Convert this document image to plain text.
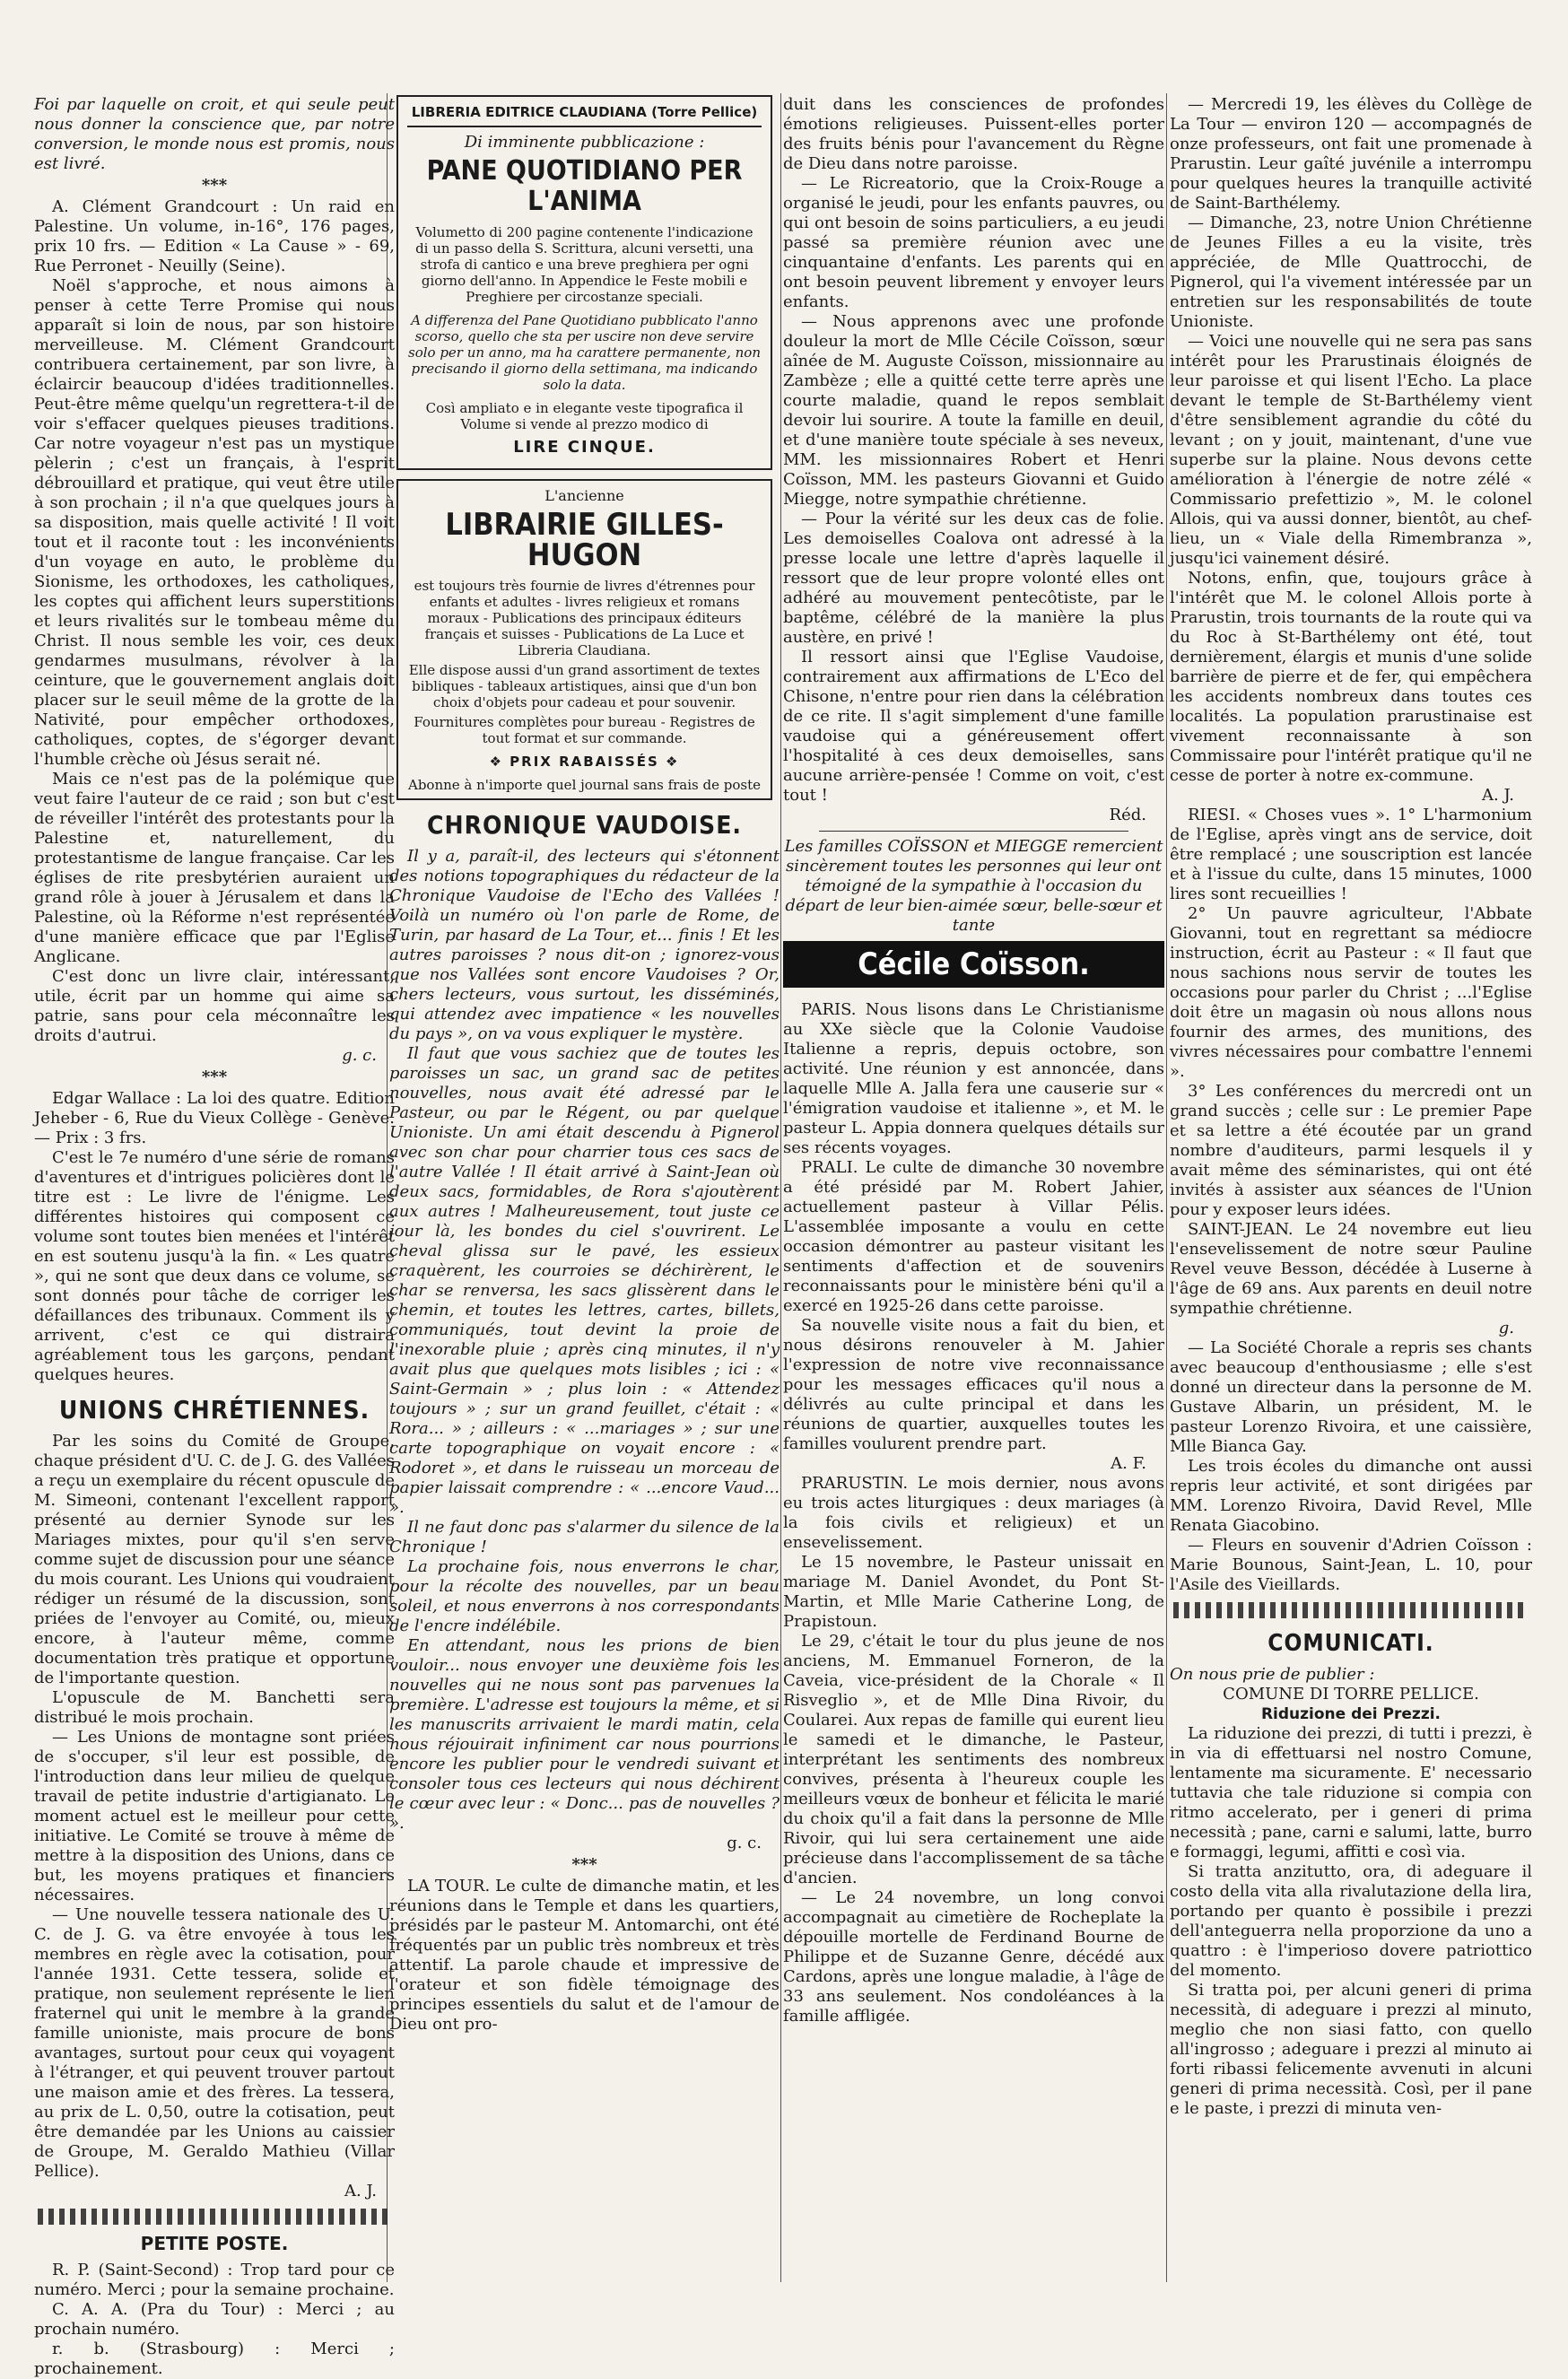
Foi par laquelle on croit, et qui seule peut nous donner la conscience que, par notre conversion, le monde nous est promis, nous est livré.

***

A. Clément Grandcourt : Un raid en Palestine. Un volume, in-16°, 176 pages, prix 10 frs. — Edition « La Cause » - 69, Rue Perronet - Neuilly (Seine).

Noël s'approche, et nous aimons à penser à cette Terre Promise qui nous apparaît si loin de nous, par son histoire merveilleuse. M. Clément Grandcourt contribuera certainement, par son livre, à éclaircir beaucoup d'idées traditionnelles. Peut-être même quelqu'un regrettera-t-il de voir s'effacer quelques pieuses traditions. Car notre voyageur n'est pas un mystique pèlerin ; c'est un français, à l'esprit débrouillard et pratique, qui veut être utile à son prochain ; il n'a que quelques jours à sa disposition, mais quelle activité ! Il voit tout et il raconte tout : les inconvénients d'un voyage en auto, le problème du Sionisme, les orthodoxes, les catholiques, les coptes qui affichent leurs superstitions et leurs rivalités sur le tombeau même du Christ. Il nous semble les voir, ces deux gendarmes musulmans, révolver à la ceinture, que le gouvernement anglais doit placer sur le seuil même de la grotte de la Nativité, pour empêcher orthodoxes, catholiques, coptes, de s'égorger devant l'humble crèche où Jésus serait né.

Mais ce n'est pas de la polémique que veut faire l'auteur de ce raid ; son but c'est de réveiller l'intérêt des protestants pour la Palestine et, naturellement, du protestantisme de langue française. Car les églises de rite presbytérien auraient un grand rôle à jouer à Jérusalem et dans la Palestine, où la Réforme n'est représentée d'une manière efficace que par l'Eglise Anglicane.

C'est donc un livre clair, intéressant, utile, écrit par un homme qui aime sa patrie, sans pour cela méconnaître les droits d'autrui.

g. c.
***

Edgar Wallace : La loi des quatre. Edition Jeheber - 6, Rue du Vieux Collège - Genève. — Prix : 3 frs.

C'est le 7e numéro d'une série de romans d'aventures et d'intrigues policières dont le titre est : Le livre de l'énigme. Les différentes histoires qui composent ce volume sont toutes bien menées et l'intérêt en est soutenu jusqu'à la fin. « Les quatre », qui ne sont que deux dans ce volume, se sont donnés pour tâche de corriger les défaillances des tribunaux. Comment ils y arrivent, c'est ce qui distraira agréablement tous les garçons, pendant quelques heures.

UNIONS CHRÉTIENNES.

Par les soins du Comité de Groupe, chaque président d'U. C. de J. G. des Vallées a reçu un exemplaire du récent opuscule de M. Simeoni, contenant l'excellent rapport présenté au dernier Synode sur les Mariages mixtes, pour qu'il s'en serve comme sujet de discussion pour une séance du mois courant. Les Unions qui voudraient rédiger un résumé de la discussion, sont priées de l'envoyer au Comité, ou, mieux encore, à l'auteur même, comme documentation très pratique et opportune de l'importante question.

L'opuscule de M. Banchetti sera distribué le mois prochain.

— Les Unions de montagne sont priées de s'occuper, s'il leur est possible, de l'introduction dans leur milieu de quelque travail de petite industrie d'artigianato. Le moment actuel est le meilleur pour cette initiative. Le Comité se trouve à même de mettre à la disposition des Unions, dans ce but, les moyens pratiques et financiers nécessaires.

— Une nouvelle tessera nationale des U. C. de J. G. va être envoyée à tous les membres en règle avec la cotisation, pour l'année 1931. Cette tessera, solide et pratique, non seulement représente le lien fraternel qui unit le membre à la grande famille unioniste, mais procure de bons avantages, surtout pour ceux qui voyagent à l'étranger, et qui peuvent trouver partout une maison amie et des frères. La tessera, au prix de L. 0,50, outre la cotisation, peut être demandée par les Unions au caissier de Groupe, M. Geraldo Mathieu (Villar Pellice).

A. J.
PETITE POSTE.

R. P. (Saint-Second) : Trop tard pour ce numéro. Merci ; pour la semaine prochaine.

C. A. A. (Pra du Tour) : Merci ; au prochain numéro.

r. b. (Strasbourg) : Merci ; prochainement.

LIBRERIA EDITRICE CLAUDIANA (Torre Pellice)
Di imminente pubblicazione :
PANE QUOTIDIANO PER L'ANIMA
Volumetto di 200 pagine contenente l'indicazione di un passo della S. Scrittura, alcuni versetti, una strofa di cantico e una breve preghiera per ogni giorno dell'anno. In Appendice le Feste mobili e Preghiere per circostanze speciali.
A differenza del Pane Quotidiano pubblicato l'anno scorso, quello che sta per uscire non deve servire solo per un anno, ma ha carattere permanente, non precisando il giorno della settimana, ma indicando solo la data.
Così ampliato e in elegante veste tipografica il Volume si vende al prezzo modico di
LIRE CINQUE.
L'ancienne
LIBRAIRIE GILLES-HUGON
est toujours très fournie de livres d'étrennes pour enfants et adultes - livres religieux et romans moraux - Publications des principaux éditeurs français et suisses - Publications de La Luce et Libreria Claudiana.
Elle dispose aussi d'un grand assortiment de textes bibliques - tableaux artistiques, ainsi que d'un bon choix d'objets pour cadeau et pour souvenir.
Fournitures complètes pour bureau - Registres de tout format et sur commande.
❖ PRIX RABAISSÉS ❖
Abonne à n'importe quel journal sans frais de poste
CHRONIQUE VAUDOISE.

Il y a, paraît-il, des lecteurs qui s'étonnent des notions topographiques du rédacteur de la Chronique Vaudoise de l'Echo des Vallées ! Voilà un numéro où l'on parle de Rome, de Turin, par hasard de La Tour, et... finis ! Et les autres paroisses ? nous dit-on ; ignorez-vous que nos Vallées sont encore Vaudoises ? Or, chers lecteurs, vous surtout, les disséminés, qui attendez avec impatience « les nouvelles du pays », on va vous expliquer le mystère.

Il faut que vous sachiez que de toutes les paroisses un sac, un grand sac de petites nouvelles, nous avait été adressé par le Pasteur, ou par le Régent, ou par quelque Unioniste. Un ami était descendu à Pignerol avec son char pour charrier tous ces sacs de l'autre Vallée ! Il était arrivé à Saint-Jean où deux sacs, formidables, de Rora s'ajoutèrent aux autres ! Malheureusement, tout juste ce jour là, les bondes du ciel s'ouvrirent. Le cheval glissa sur le pavé, les essieux craquèrent, les courroies se déchirèrent, le char se renversa, les sacs glissèrent dans le chemin, et toutes les lettres, cartes, billets, communiqués, tout devint la proie de l'inexorable pluie ; après cinq minutes, il n'y avait plus que quelques mots lisibles ; ici : « Saint-Germain » ; plus loin : « Attendez toujours » ; sur un grand feuillet, c'était : « Rora... » ; ailleurs : « ...mariages » ; sur une carte topographique on voyait encore : « Rodoret », et dans le ruisseau un morceau de papier laissait comprendre : « ...encore Vaud... ».

Il ne faut donc pas s'alarmer du silence de la Chronique !

La prochaine fois, nous enverrons le char, pour la récolte des nouvelles, par un beau soleil, et nous enverrons à nos correspondants de l'encre indélébile.

En attendant, nous les prions de bien vouloir... nous envoyer une deuxième fois les nouvelles qui ne nous sont pas parvenues la première. L'adresse est toujours la même, et si les manuscrits arrivaient le mardi matin, cela nous réjouirait infiniment car nous pourrions encore les publier pour le vendredi suivant et consoler tous ces lecteurs qui nous déchirent le cœur avec leur : « Donc... pas de nouvelles ? ».

g. c.
***

LA TOUR. Le culte de dimanche matin, et les réunions dans le Temple et dans les quartiers, présidés par le pasteur M. Antomarchi, ont été fréquentés par un public très nombreux et très attentif. La parole chaude et impressive de l'orateur et son fidèle témoignage des principes essentiels du salut et de l'amour de Dieu ont pro-

duit dans les consciences de profondes émotions religieuses. Puissent-elles porter des fruits bénis pour l'avancement du Règne de Dieu dans notre paroisse.

— Le Ricreatorio, que la Croix-Rouge a organisé le jeudi, pour les enfants pauvres, ou qui ont besoin de soins particuliers, a eu jeudi passé sa première réunion avec une cinquantaine d'enfants. Les parents qui en ont besoin peuvent librement y envoyer leurs enfants.

— Nous apprenons avec une profonde douleur la mort de Mlle Cécile Coïsson, sœur aînée de M. Auguste Coïsson, missionnaire au Zambèze ; elle a quitté cette terre après une courte maladie, quand le repos semblait devoir lui sourire. A toute la famille en deuil, et d'une manière toute spéciale à ses neveux, MM. les missionnaires Robert et Henri Coïsson, MM. les pasteurs Giovanni et Guido Miegge, notre sympathie chrétienne.

— Pour la vérité sur les deux cas de folie. Les demoiselles Coalova ont adressé à la presse locale une lettre d'après laquelle il ressort que de leur propre volonté elles ont adhéré au mouvement pentecôtiste, par le baptême, célébré de la manière la plus austère, en privé !

Il ressort ainsi que l'Eglise Vaudoise, contrairement aux affirmations de L'Eco del Chisone, n'entre pour rien dans la célébration de ce rite. Il s'agit simplement d'une famille vaudoise qui a généreusement offert l'hospitalité à ces deux demoiselles, sans aucune arrière-pensée ! Comme on voit, c'est tout !

Réd.
Les familles COÏSSON et MIEGGE remercient sincèrement toutes les personnes qui leur ont témoigné de la sympathie à l'occasion du départ de leur bien-aimée sœur, belle-sœur et tante
Cécile Coïsson.

PARIS. Nous lisons dans Le Christianisme au XXe siècle que la Colonie Vaudoise Italienne a repris, depuis octobre, son activité. Une réunion y est annoncée, dans laquelle Mlle A. Jalla fera une causerie sur « l'émigration vaudoise et italienne », et M. le pasteur L. Appia donnera quelques détails sur ses récents voyages.

PRALI. Le culte de dimanche 30 novembre a été présidé par M. Robert Jahier, actuellement pasteur à Villar Pélis. L'assemblée imposante a voulu en cette occasion démontrer au pasteur visitant les sentiments d'affection et de souvenirs reconnaissants pour le ministère béni qu'il a exercé en 1925-26 dans cette paroisse.

Sa nouvelle visite nous a fait du bien, et nous désirons renouveler à M. Jahier l'expression de notre vive reconnaissance pour les messages efficaces qu'il nous a délivrés au culte principal et dans les réunions de quartier, auxquelles toutes les familles voulurent prendre part.

A. F.

PRARUSTIN. Le mois dernier, nous avons eu trois actes liturgiques : deux mariages (à la fois civils et religieux) et un ensevelissement.

Le 15 novembre, le Pasteur unissait en mariage M. Daniel Avondet, du Pont St-Martin, et Mlle Marie Catherine Long, de Prapistoun.

Le 29, c'était le tour du plus jeune de nos anciens, M. Emmanuel Forneron, de la Caveia, vice-président de la Chorale « Il Risveglio », et de Mlle Dina Rivoir, du Coularei. Aux repas de famille qui eurent lieu le samedi et le dimanche, le Pasteur, interprétant les sentiments des nombreux convives, présenta à l'heureux couple les meilleurs vœux de bonheur et félicita le marié du choix qu'il a fait dans la personne de Mlle Rivoir, qui lui sera certainement une aide précieuse dans l'accomplissement de sa tâche d'ancien.

— Le 24 novembre, un long convoi accompagnait au cimetière de Rocheplate la dépouille mortelle de Ferdinand Bourne de Philippe et de Suzanne Genre, décédé aux Cardons, après une longue maladie, à l'âge de 33 ans seulement. Nos condoléances à la famille affligée.

— Mercredi 19, les élèves du Collège de La Tour — environ 120 — accompagnés de onze professeurs, ont fait une promenade à Prarustin. Leur gaîté juvénile a interrompu pour quelques heures la tranquille activité de Saint-Barthélemy.

— Dimanche, 23, notre Union Chrétienne de Jeunes Filles a eu la visite, très appréciée, de Mlle Quattrocchi, de Pignerol, qui l'a vivement intéressée par un entretien sur les responsabilités de toute Unioniste.

— Voici une nouvelle qui ne sera pas sans intérêt pour les Prarustinais éloignés de leur paroisse et qui lisent l'Echo. La place devant le temple de St-Barthélemy vient d'être sensiblement agrandie du côté du levant ; on y jouit, maintenant, d'une vue superbe sur la plaine. Nous devons cette amélioration à l'énergie de notre zélé « Commissario prefettizio », M. le colonel Allois, qui va aussi donner, bientôt, au chef-lieu, un « Viale della Rimembranza », jusqu'ici vainement désiré.

Notons, enfin, que, toujours grâce à l'intérêt que M. le colonel Allois porte à Prarustin, trois tournants de la route qui va du Roc à St-Barthélemy ont été, tout dernièrement, élargis et munis d'une solide barrière de pierre et de fer, qui empêchera les accidents nombreux dans toutes ces localités. La population prarustinaise est vivement reconnaissante à son Commissaire pour l'intérêt pratique qu'il ne cesse de porter à notre ex-commune.

A. J.

RIESI. « Choses vues ». 1° L'harmonium de l'Eglise, après vingt ans de service, doit être remplacé ; une souscription est lancée et à l'issue du culte, dans 15 minutes, 1000 lires sont recueillies !

2° Un pauvre agriculteur, l'Abbate Giovanni, tout en regrettant sa médiocre instruction, écrit au Pasteur : « Il faut que nous sachions nous servir de toutes les occasions pour parler du Christ ; ...l'Eglise doit être un magasin où nous allons nous fournir des armes, des munitions, des vivres nécessaires pour combattre l'ennemi ».

3° Les conférences du mercredi ont un grand succès ; celle sur : Le premier Pape et sa lettre a été écoutée par un grand nombre d'auditeurs, parmi lesquels il y avait même des séminaristes, qui ont été invités à assister aux séances de l'Union pour y exposer leurs idées.

SAINT-JEAN. Le 24 novembre eut lieu l'ensevelissement de notre sœur Pauline Revel veuve Besson, décédée à Luserne à l'âge de 69 ans. Aux parents en deuil notre sympathie chrétienne.

g.

— La Société Chorale a repris ses chants avec beaucoup d'enthousiasme ; elle s'est donné un directeur dans la personne de M. Gustave Albarin, un président, M. le pasteur Lorenzo Rivoira, et une caissière, Mlle Bianca Gay.

Les trois écoles du dimanche ont aussi repris leur activité, et sont dirigées par MM. Lorenzo Rivoira, David Revel, Mlle Renata Giacobino.

— Fleurs en souvenir d'Adrien Coïsson : Marie Bounous, Saint-Jean, L. 10, pour l'Asile des Vieillards.

COMUNICATI.

On nous prie de publier :

COMUNE DI TORRE PELLICE.

Riduzione dei Prezzi.

La riduzione dei prezzi, di tutti i prezzi, è in via di effettuarsi nel nostro Comune, lentamente ma sicuramente. E' necessario tuttavia che tale riduzione si compia con ritmo accelerato, per i generi di prima necessità ; pane, carni e salumi, latte, burro e formaggi, legumi, affitti e così via.

Si tratta anzitutto, ora, di adeguare il costo della vita alla rivalutazione della lira, portando per quanto è possibile i prezzi dell'anteguerra nella proporzione da uno a quattro : è l'imperioso dovere patriottico del momento.

Si tratta poi, per alcuni generi di prima necessità, di adeguare i prezzi al minuto, meglio che non siasi fatto, con quello all'ingrosso ; adeguare i prezzi al minuto ai forti ribassi felicemente avvenuti in alcuni generi di prima necessità. Così, per il pane e le paste, i prezzi di minuta ven-
